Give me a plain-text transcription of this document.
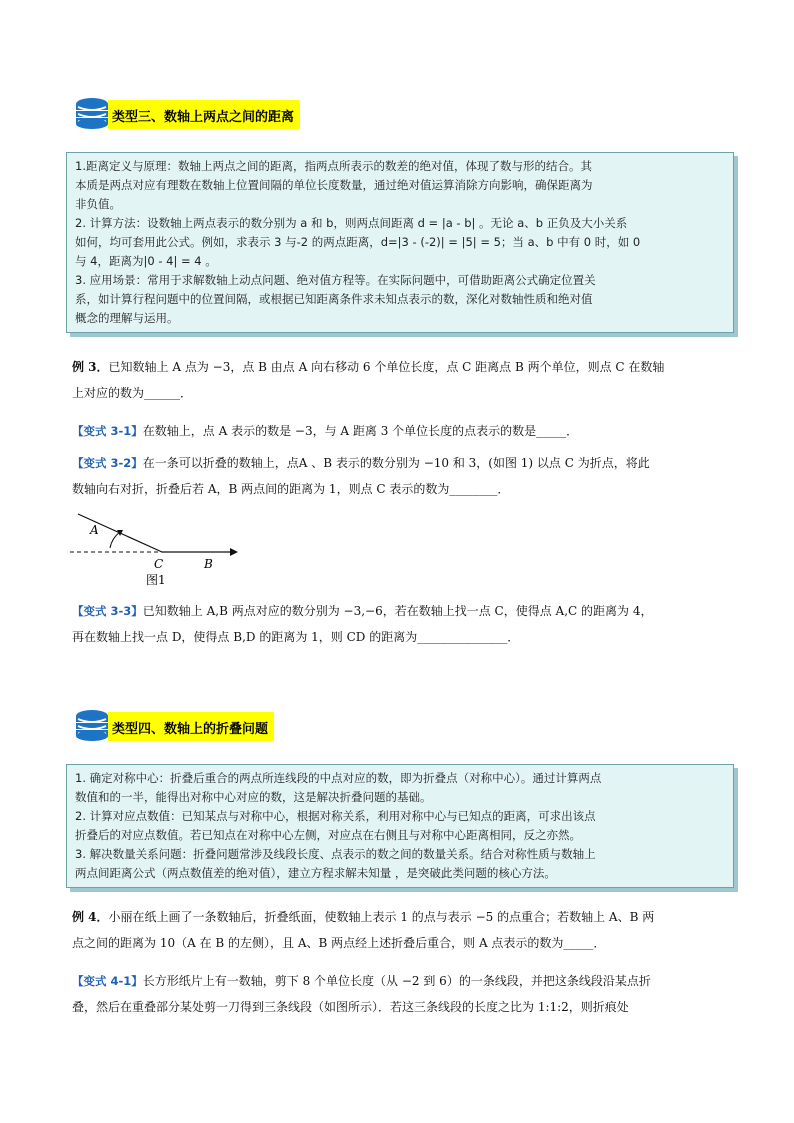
类型三、数轴上两点之间的距离

1.距离定义与原理：数轴上两点之间的距离，指两点所表示的数差的绝对值，体现了数与形的结合。其

本质是两点对应有理数在数轴上位置间隔的单位长度数量，通过绝对值运算消除方向影响，确保距离为

非负值。

2. 计算方法：设数轴上两点表示的数分别为 a 和 b，则两点间距离 d = |a - b| 。无论 a、b 正负及大小关系

如何，均可套用此公式。例如，求表示 3 与-2 的两点距离，d=|3 - (-2)| = |5| = 5；当 a、b 中有 0 时，如 0

与 4，距离为|0 - 4| = 4 。

3. 应用场景：常用于求解数轴上动点问题、绝对值方程等。在实际问题中，可借助距离公式确定位置关

系，如计算行程问题中的位置间隔，或根据已知距离条件求未知点表示的数，深化对数轴性质和绝对值

概念的理解与运用。

例 3．已知数轴上 A 点为 −3，点 B 由点 A 向右移动 6 个单位长度，点 C 距离点 B 两个单位，则点 C 在数轴

上对应的数为______．

【变式 3-1】在数轴上，点 A 表示的数是 −3，与 A 距离 3 个单位长度的点表示的数是_____．

【变式 3-2】在一条可以折叠的数轴上，点A 、B 表示的数分别为 −10 和 3，(如图 1) 以点 C 为折点，将此

数轴向右对折，折叠后若 A，B 两点间的距离为 1，则点 C 表示的数为________．

A
C	B
图1

【变式 3-3】已知数轴上 A,B 两点对应的数分别为 −3,−6，若在数轴上找一点 C，使得点 A,C 的距离为 4，

再在数轴上找一点 D，使得点 B,D 的距离为 1，则 CD 的距离为_______________．

类型四、数轴上的折叠问题

1. 确定对称中心：折叠后重合的两点所连线段的中点对应的数，即为折叠点（对称中心）。通过计算两点

数值和的一半，能得出对称中心对应的数，这是解决折叠问题的基础。

2. 计算对应点数值：已知某点与对称中心，根据对称关系，利用对称中心与已知点的距离，可求出该点

折叠后的对应点数值。若已知点在对称中心左侧，对应点在右侧且与对称中心距离相同，反之亦然。

3. 解决数量关系问题：折叠问题常涉及线段长度、点表示的数之间的数量关系。结合对称性质与数轴上

两点间距离公式（两点数值差的绝对值），建立方程求解未知量 ，是突破此类问题的核心方法。

例 4．小丽在纸上画了一条数轴后，折叠纸面，使数轴上表示 1 的点与表示 −5 的点重合；若数轴上 A、B 两

点之间的距离为 10（A 在 B 的左侧），且 A、B 两点经上述折叠后重合，则 A 点表示的数为_____．

【变式 4-1】长方形纸片上有一数轴，剪下 8 个单位长度（从 −2 到 6）的一条线段，并把这条线段沿某点折

叠，然后在重叠部分某处剪一刀得到三条线段（如图所示）．若这三条线段的长度之比为 1:1:2，则折痕处
